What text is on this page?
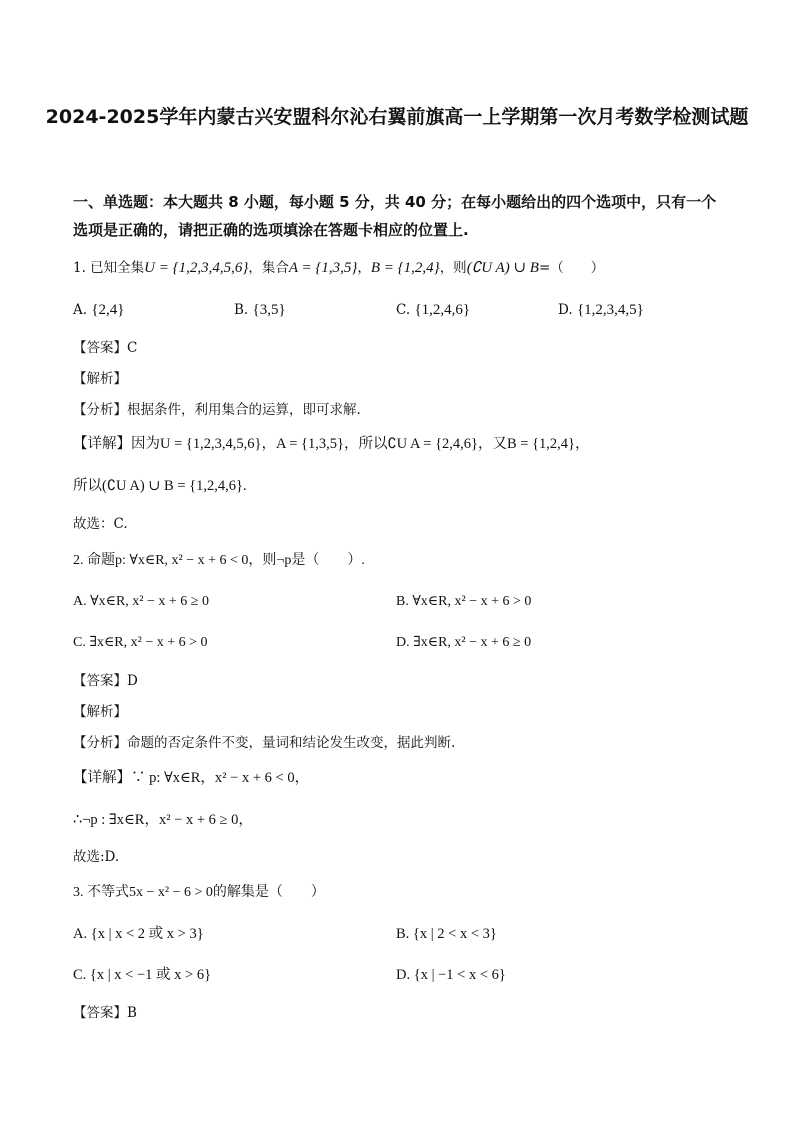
2024-2025学年内蒙古兴安盟科尔沁右翼前旗高一上学期第一次月考数学检测试题
一、单选题：本大题共 8 小题，每小题 5 分，共 40 分；在每小题给出的四个选项中，只有一个选项是正确的，请把正确的选项填涂在答题卡相应的位置上.
1. 已知全集U = {1,2,3,4,5,6}，集合A = {1,3,5}，B = {1,2,4}，则(∁U A) ∪ B=（　　）
A. {2,4}	B. {3,5}	C. {1,2,4,6}	D. {1,2,3,4,5}
【答案】C
【解析】
【分析】根据条件，利用集合的运算，即可求解.
【详解】因为U = {1,2,3,4,5,6}，A = {1,3,5}，所以∁U A = {2,4,6}，又B = {1,2,4}，
所以(∁U A) ∪ B = {1,2,4,6}.
故选：C.
2. 命题p: ∀x∈R, x² − x + 6 < 0，则¬p是（　　）.
A. ∀x∈R, x² − x + 6 ≥ 0	B. ∀x∈R, x² − x + 6 > 0
C. ∃x∈R, x² − x + 6 > 0	D. ∃x∈R, x² − x + 6 ≥ 0
【答案】D
【解析】
【分析】命题的否定条件不变，量词和结论发生改变，据此判断.
【详解】∵ p: ∀x∈R，x² − x + 6 < 0，
∴¬p : ∃x∈R，x² − x + 6 ≥ 0，
故选:D.
3. 不等式5x − x² − 6 > 0的解集是（　　）
A. {x | x < 2 或 x > 3}	B. {x | 2 < x < 3}
C. {x | x < −1 或 x > 6}	D. {x | −1 < x < 6}
【答案】B
